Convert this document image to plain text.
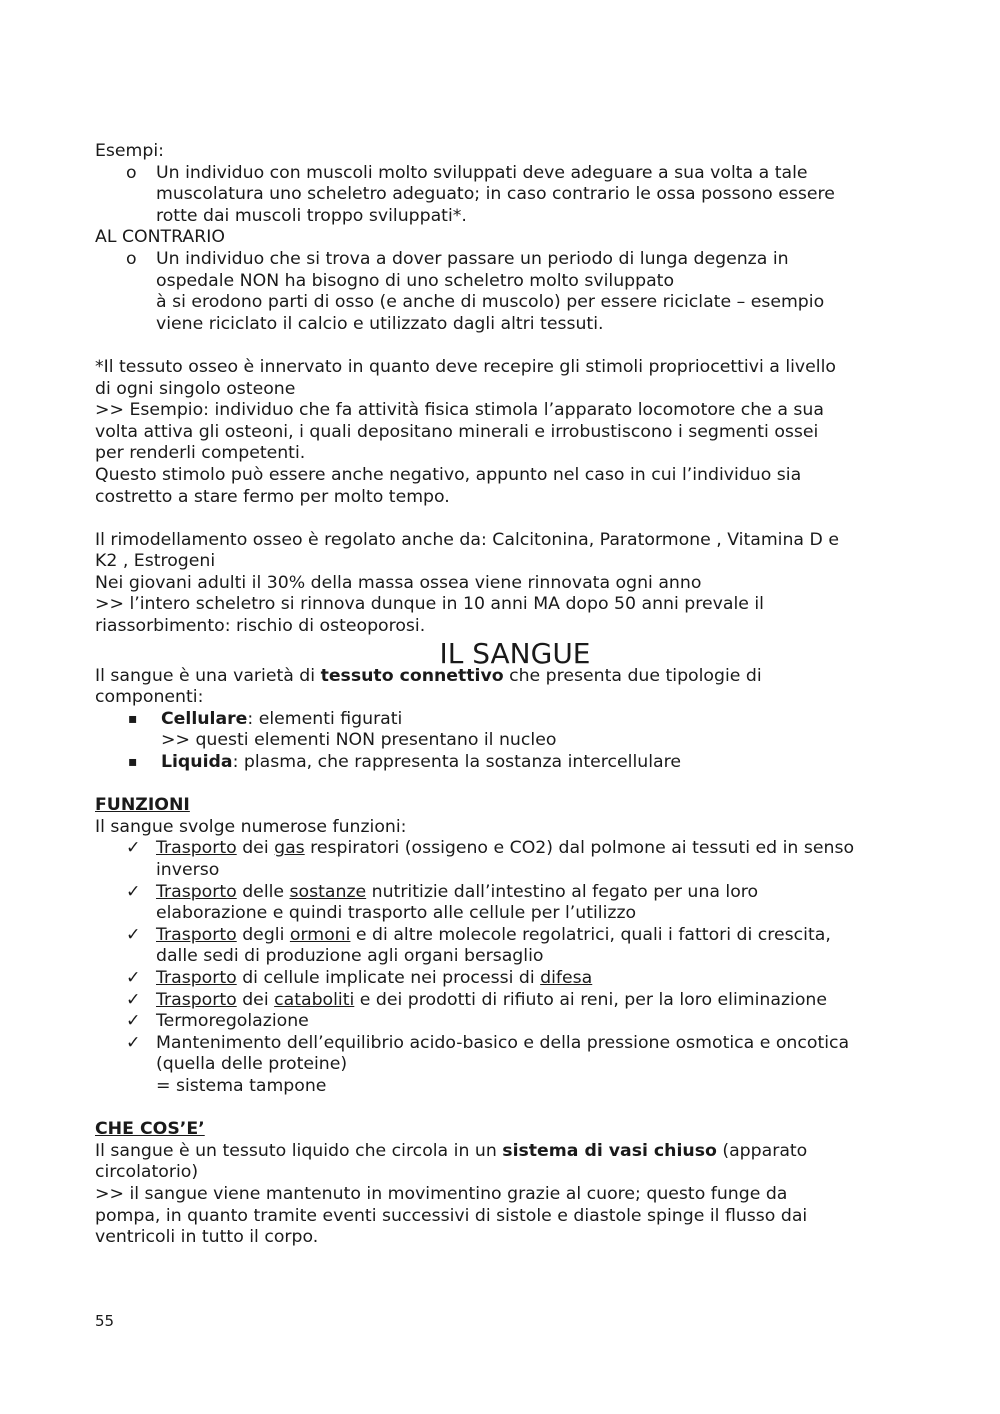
Esempi:
o Un individuo con muscoli molto sviluppati deve adeguare a sua volta a tale
muscolatura uno scheletro adeguato; in caso contrario le ossa possono essere
rotte dai muscoli troppo sviluppati*.
AL CONTRARIO
o Un individuo che si trova a dover passare un periodo di lunga degenza in
ospedale NON ha bisogno di uno scheletro molto sviluppato
à si erodono parti di osso (e anche di muscolo) per essere riciclate – esempio
viene riciclato il calcio e utilizzato dagli altri tessuti.
*Il tessuto osseo è innervato in quanto deve recepire gli stimoli propriocettivi a livello
di ogni singolo osteone
>> Esempio: individuo che fa attività fisica stimola l’apparato locomotore che a sua
volta attiva gli osteoni, i quali depositano minerali e irrobustiscono i segmenti ossei
per renderli competenti.
Questo stimolo può essere anche negativo, appunto nel caso in cui l’individuo sia
costretto a stare fermo per molto tempo.
Il rimodellamento osseo è regolato anche da: Calcitonina, Paratormone , Vitamina D e
K2 , Estrogeni
Nei giovani adulti il 30% della massa ossea viene rinnovata ogni anno
>> l’intero scheletro si rinnova dunque in 10 anni MA dopo 50 anni prevale il
riassorbimento: rischio di osteoporosi.
IL SANGUE
Il sangue è una varietà di tessuto connettivo che presenta due tipologie di
componenti:
▪ Cellulare: elementi figurati
>> questi elementi NON presentano il nucleo
▪ Liquida: plasma, che rappresenta la sostanza intercellulare
FUNZIONI
Il sangue svolge numerose funzioni:
✓ Trasporto dei gas respiratori (ossigeno e CO2) dal polmone ai tessuti ed in senso
inverso
✓ Trasporto delle sostanze nutritizie dall’intestino al fegato per una loro
elaborazione e quindi trasporto alle cellule per l’utilizzo
✓ Trasporto degli ormoni e di altre molecole regolatrici, quali i fattori di crescita,
dalle sedi di produzione agli organi bersaglio
✓ Trasporto di cellule implicate nei processi di difesa
✓ Trasporto dei cataboliti e dei prodotti di rifiuto ai reni, per la loro eliminazione
✓ Termoregolazione
✓ Mantenimento dell’equilibrio acido-basico e della pressione osmotica e oncotica
(quella delle proteine)
= sistema tampone
CHE COS’E’
Il sangue è un tessuto liquido che circola in un sistema di vasi chiuso (apparato
circolatorio)
>> il sangue viene mantenuto in movimentino grazie al cuore; questo funge da
pompa, in quanto tramite eventi successivi di sistole e diastole spinge il flusso dai
ventricoli in tutto il corpo.
55
